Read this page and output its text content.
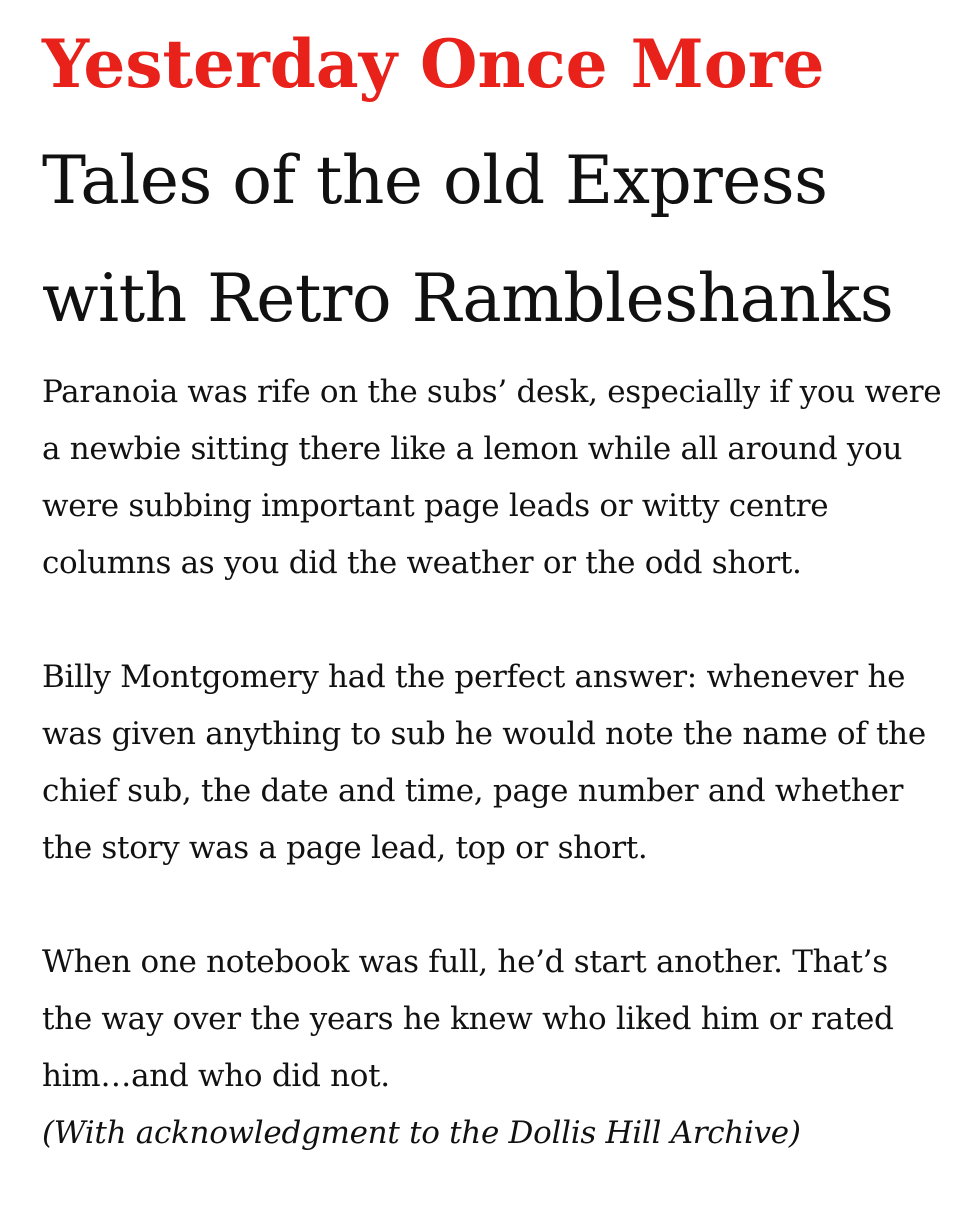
Yesterday Once More
Tales of the old Express
with Retro Rambleshanks

Paranoia was rife on the subs’ desk, especially if you were a newbie sitting there like a lemon while all around you were subbing important page leads or witty centre columns as you did the weather or the odd short.

Billy Montgomery had the perfect answer: whenever he was given anything to sub he would note the name of the chief sub, the date and time, page number and whether the story was a page lead, top or short.

When one notebook was full, he’d start another. That’s the way over the years he knew who liked him or rated him…and who did not.

(With acknowledgment to the Dollis Hill Archive)
